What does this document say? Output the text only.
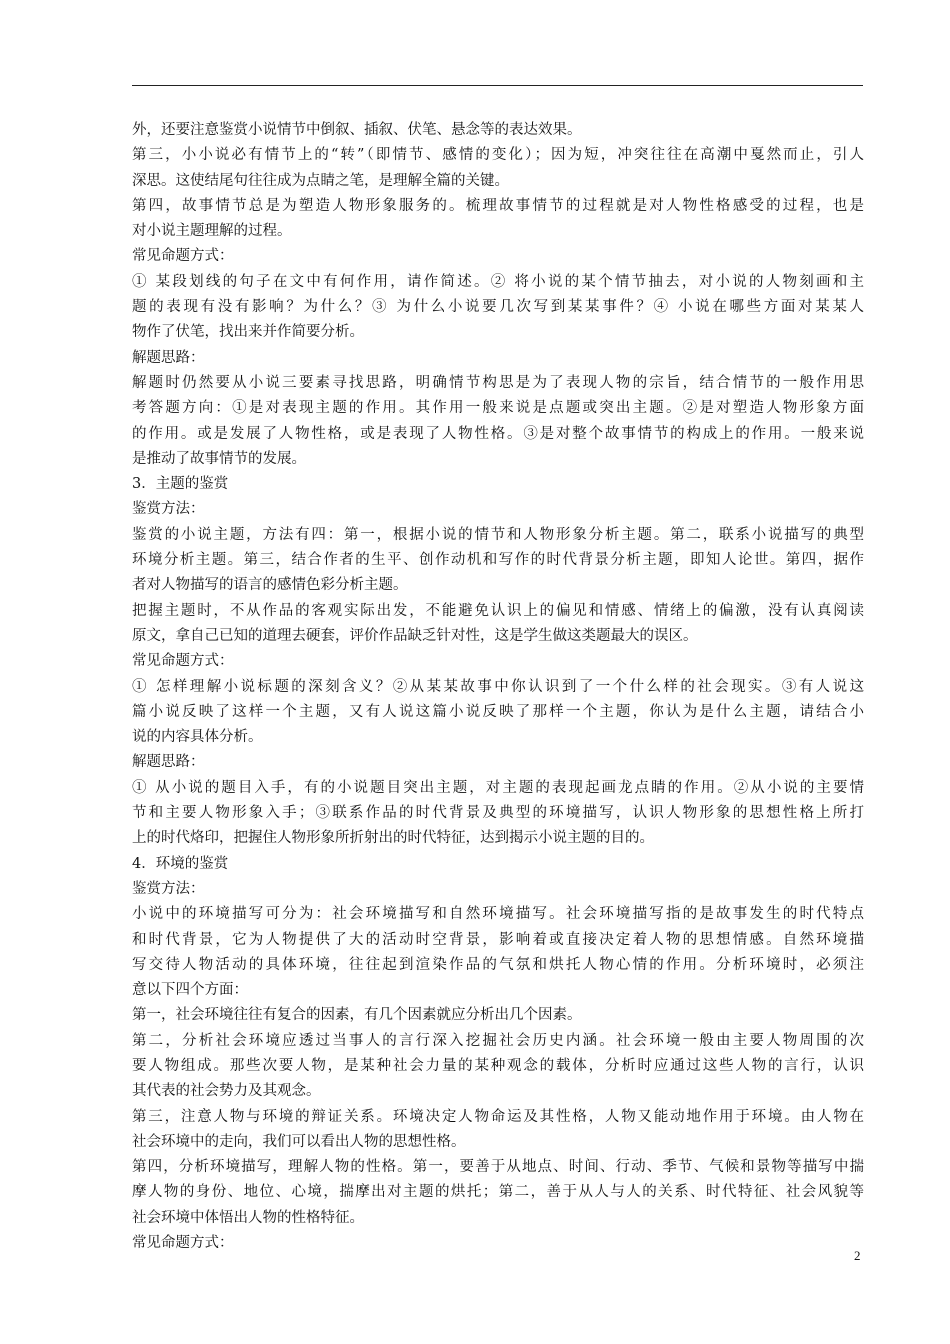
外，还要注意鉴赏小说情节中倒叙、插叙、伏笔、悬念等的表达效果。
第三，小小说必有情节上的“转”（即情节、感情的变化）；因为短，冲突往往在高潮中戛然而止，引人
深思。这使结尾句往往成为点睛之笔，是理解全篇的关键。
第四，故事情节总是为塑造人物形象服务的。梳理故事情节的过程就是对人物性格感受的过程，也是
对小说主题理解的过程。
常见命题方式：
① 某段划线的句子在文中有何作用，请作简述。② 将小说的某个情节抽去，对小说的人物刻画和主
题的表现有没有影响？为什么？③ 为什么小说要几次写到某某事件？④ 小说在哪些方面对某某人
物作了伏笔，找出来并作简要分析。
解题思路：
解题时仍然要从小说三要素寻找思路，明确情节构思是为了表现人物的宗旨，结合情节的一般作用思
考答题方向：①是对表现主题的作用。其作用一般来说是点题或突出主题。②是对塑造人物形象方面
的作用。或是发展了人物性格，或是表现了人物性格。③是对整个故事情节的构成上的作用。一般来说
是推动了故事情节的发展。
3．主题的鉴赏
鉴赏方法：
鉴赏的小说主题，方法有四：第一，根据小说的情节和人物形象分析主题。第二，联系小说描写的典型
环境分析主题。第三，结合作者的生平、创作动机和写作的时代背景分析主题，即知人论世。第四，据作
者对人物描写的语言的感情色彩分析主题。
把握主题时，不从作品的客观实际出发，不能避免认识上的偏见和情感、情绪上的偏激，没有认真阅读
原文，拿自己已知的道理去硬套，评价作品缺乏针对性，这是学生做这类题最大的误区。
常见命题方式：
① 怎样理解小说标题的深刻含义？②从某某故事中你认识到了一个什么样的社会现实。③有人说这
篇小说反映了这样一个主题，又有人说这篇小说反映了那样一个主题，你认为是什么主题，请结合小
说的内容具体分析。
解题思路：
① 从小说的题目入手，有的小说题目突出主题，对主题的表现起画龙点睛的作用。②从小说的主要情
节和主要人物形象入手；③联系作品的时代背景及典型的环境描写，认识人物形象的思想性格上所打
上的时代烙印，把握住人物形象所折射出的时代特征，达到揭示小说主题的目的。
4．环境的鉴赏
鉴赏方法：
小说中的环境描写可分为：社会环境描写和自然环境描写。社会环境描写指的是故事发生的时代特点
和时代背景，它为人物提供了大的活动时空背景，影响着或直接决定着人物的思想情感。自然环境描
写交待人物活动的具体环境，往往起到渲染作品的气氛和烘托人物心情的作用。分析环境时，必须注
意以下四个方面：
第一，社会环境往往有复合的因素，有几个因素就应分析出几个因素。
第二，分析社会环境应透过当事人的言行深入挖掘社会历史内涵。社会环境一般由主要人物周围的次
要人物组成。那些次要人物，是某种社会力量的某种观念的载体，分析时应通过这些人物的言行，认识
其代表的社会势力及其观念。
第三，注意人物与环境的辩证关系。环境决定人物命运及其性格，人物又能动地作用于环境。由人物在
社会环境中的走向，我们可以看出人物的思想性格。
第四，分析环境描写，理解人物的性格。第一，要善于从地点、时间、行动、季节、气候和景物等描写中揣
摩人物的身份、地位、心境，揣摩出对主题的烘托；第二，善于从人与人的关系、时代特征、社会风貌等
社会环境中体悟出人物的性格特征。
常见命题方式：
2
